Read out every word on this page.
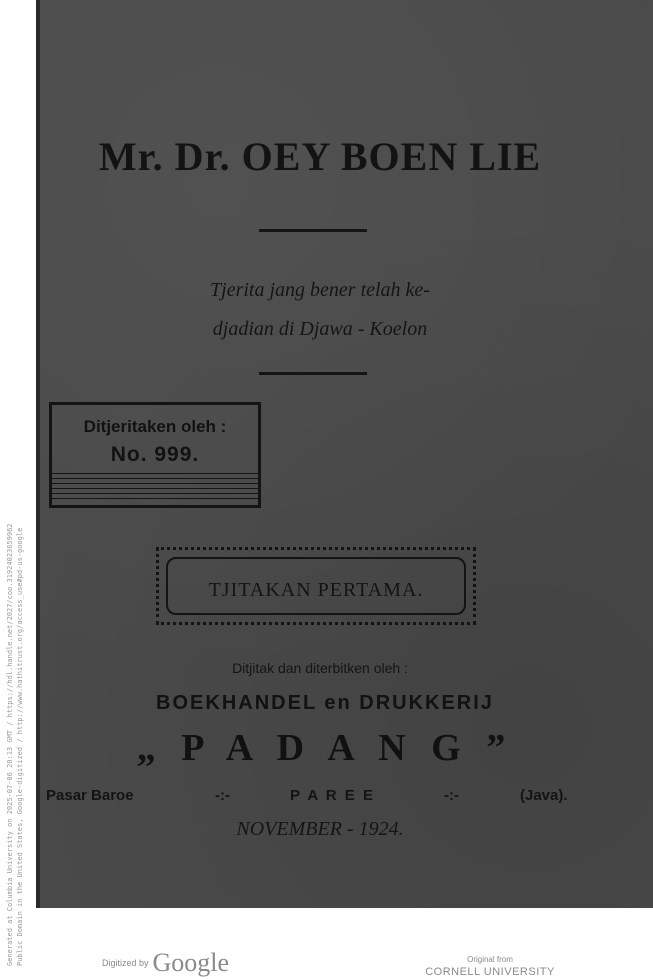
Mr. Dr. OEY BOEN LIE
Tjerita jang bener telah ke-
djadian di Djawa - Koelon
Ditjeritaken oleh :
No. 999.
TJITAKAN PERTAMA.
Ditjitak dan diterbitken oleh :
BOEKHANDEL en DRUKKERIJ
„ P A D A N G ”
Pasar Baroe	-:-	P A R E E	-:-	(Java).
NOVEMBER - 1924.
Generated at Columbia University on 2025-07-06 20:13 GMT / https://hdl.handle.net/2027/coo.31924023659962 Public Domain in the United States, Google-digitized / http://www.hathitrust.org/access_use#pd-us-google	Digitized by Google	Original from
CORNELL UNIVERSITY
